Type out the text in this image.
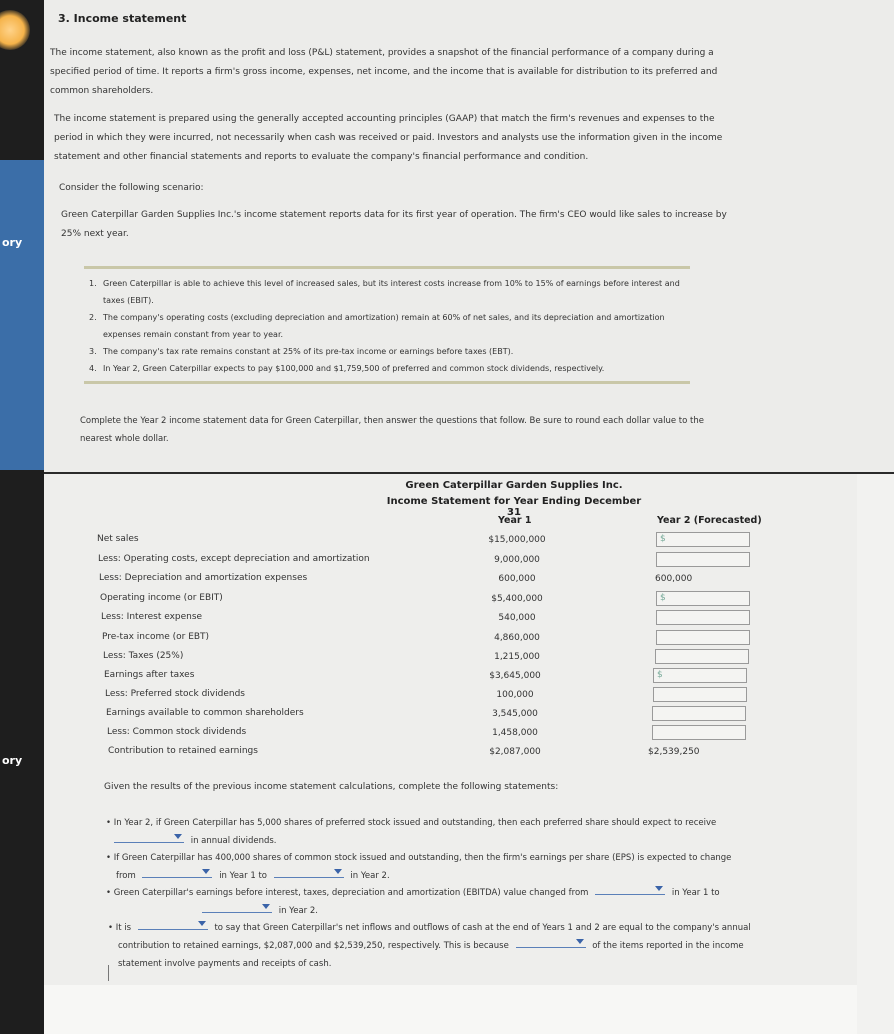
ory
ory
3. Income statement
The income statement, also known as the profit and loss (P&L) statement, provides a snapshot of the financial performance of a company during a specified period of time. It reports a firm's gross income, expenses, net income, and the income that is available for distribution to its preferred and common shareholders.
The income statement is prepared using the generally accepted accounting principles (GAAP) that match the firm's revenues and expenses to the period in which they were incurred, not necessarily when cash was received or paid. Investors and analysts use the information given in the income statement and other financial statements and reports to evaluate the company's financial performance and condition.
Consider the following scenario:
Green Caterpillar Garden Supplies Inc.'s income statement reports data for its first year of operation. The firm's CEO would like sales to increase by 25% next year.
1. Green Caterpillar is able to achieve this level of increased sales, but its interest costs increase from 10% to 15% of earnings before interest and taxes (EBIT).
2. The company's operating costs (excluding depreciation and amortization) remain at 60% of net sales, and its depreciation and amortization expenses remain constant from year to year.
3. The company's tax rate remains constant at 25% of its pre-tax income or earnings before taxes (EBT).
4. In Year 2, Green Caterpillar expects to pay $100,000 and $1,759,500 of preferred and common stock dividends, respectively.
Complete the Year 2 income statement data for Green Caterpillar, then answer the questions that follow. Be sure to round each dollar value to the nearest whole dollar.
Green Caterpillar Garden Supplies Inc.
Income Statement for Year Ending December 31
Year 1	Year 2 (Forecasted)
Net sales	$15,000,000	$
Less: Operating costs, except depreciation and amortization	9,000,000
Less: Depreciation and amortization expenses	600,000	600,000
Operating income (or EBIT)	$5,400,000	$
Less: Interest expense	540,000
Pre-tax income (or EBT)	4,860,000
Less: Taxes (25%)	1,215,000
Earnings after taxes	$3,645,000	$
Less: Preferred stock dividends	100,000
Earnings available to common shareholders	3,545,000
Less: Common stock dividends	1,458,000
Contribution to retained earnings	$2,087,000	$2,539,250
Given the results of the previous income statement calculations, complete the following statements:
• In Year 2, if Green Caterpillar has 5,000 shares of preferred stock issued and outstanding, then each preferred share should expect to receive

in annual dividends.
• If Green Caterpillar has 400,000 shares of common stock issued and outstanding, then the firm's earnings per share (EPS) is expected to change
from	in Year 1 to	in Year 2.
• Green Caterpillar's earnings before interest, taxes, depreciation and amortization (EBITDA) value changed from	in Year 1 to

in Year 2.
• It is	to say that Green Caterpillar's net inflows and outflows of cash at the end of Years 1 and 2 are equal to the company's annual
contribution to retained earnings, $2,087,000 and $2,539,250, respectively. This is because	of the items reported in the income
statement involve payments and receipts of cash.
